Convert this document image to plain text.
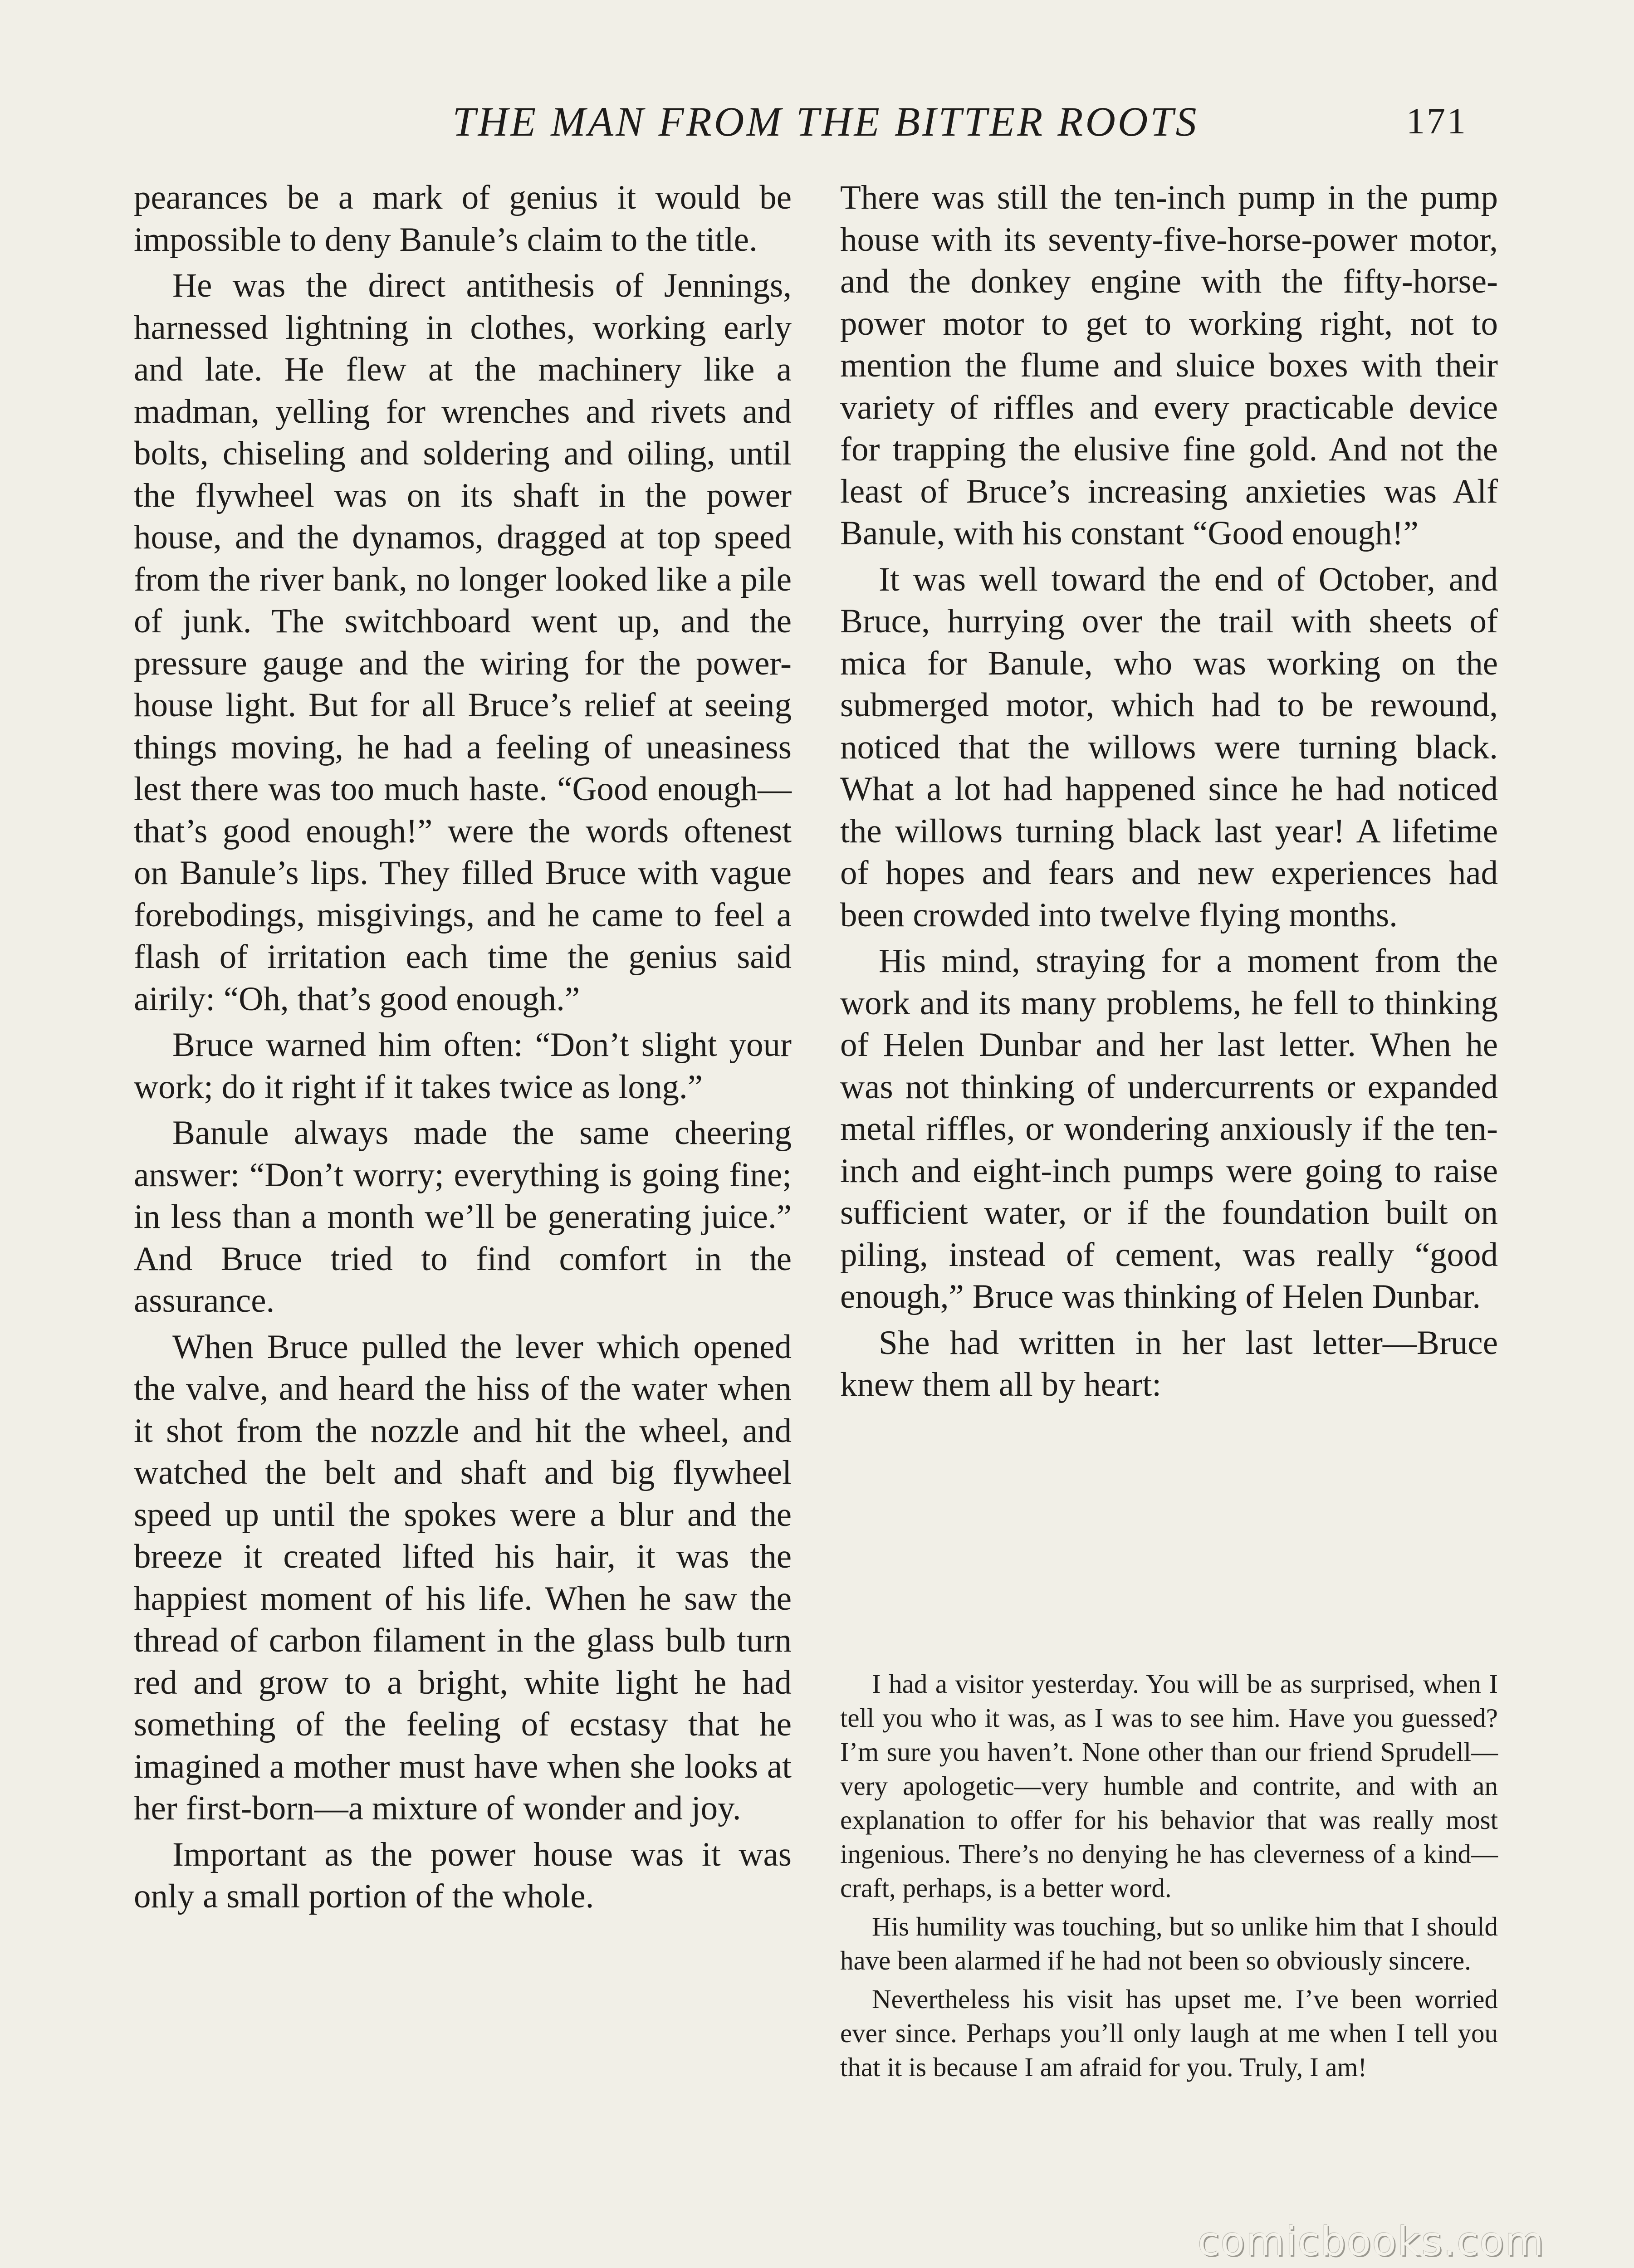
THE MAN FROM THE BITTER ROOTS	171

pearances be a mark of genius it would be impossible to deny Banule’s claim to the title.

He was the direct antithesis of Jennings, harnessed lightning in clothes, working early and late. He flew at the machinery like a madman, yelling for wrenches and rivets and bolts, chiseling and soldering and oiling, until the flywheel was on its shaft in the power house, and the dynamos, dragged at top speed from the river bank, no longer looked like a pile of junk. The switchboard went up, and the pressure gauge and the wiring for the power-house light. But for all Bruce’s relief at seeing things moving, he had a feeling of uneasiness lest there was too much haste. “Good enough—that’s good enough!” were the words oftenest on Banule’s lips. They filled Bruce with vague forebodings, misgivings, and he came to feel a flash of irritation each time the genius said airily: “Oh, that’s good enough.”

Bruce warned him often: “Don’t slight your work; do it right if it takes twice as long.”

Banule always made the same cheering answer: “Don’t worry; everything is going fine; in less than a month we’ll be generating juice.” And Bruce tried to find comfort in the assurance.

When Bruce pulled the lever which opened the valve, and heard the hiss of the water when it shot from the nozzle and hit the wheel, and watched the belt and shaft and big flywheel speed up until the spokes were a blur and the breeze it created lifted his hair, it was the happiest moment of his life. When he saw the thread of carbon filament in the glass bulb turn red and grow to a bright, white light he had something of the feeling of ecstasy that he imagined a mother must have when she looks at her first-born—a mixture of wonder and joy.

Important as the power house was it was only a small portion of the whole.

There was still the ten-inch pump in the pump house with its seventy-five-horse-power motor, and the donkey engine with the fifty-horse-power motor to get to working right, not to mention the flume and sluice boxes with their variety of riffles and every practicable device for trapping the elusive fine gold. And not the least of Bruce’s increasing anxieties was Alf Banule, with his constant “Good enough!”

It was well toward the end of October, and Bruce, hurrying over the trail with sheets of mica for Banule, who was working on the submerged motor, which had to be rewound, noticed that the willows were turning black. What a lot had happened since he had noticed the willows turning black last year! A lifetime of hopes and fears and new experiences had been crowded into twelve flying months.

His mind, straying for a moment from the work and its many problems, he fell to thinking of Helen Dunbar and her last letter. When he was not thinking of undercurrents or expanded metal riffles, or wondering anxiously if the ten-inch and eight-inch pumps were going to raise sufficient water, or if the foundation built on piling, instead of cement, was really “good enough,” Bruce was thinking of Helen Dunbar.

She had written in her last letter—Bruce knew them all by heart:

I had a visitor yesterday. You will be as surprised, when I tell you who it was, as I was to see him. Have you guessed? I’m sure you haven’t. None other than our friend Sprudell—very apologetic—very humble and contrite, and with an explanation to offer for his behavior that was really most ingenious. There’s no denying he has cleverness of a kind—craft, perhaps, is a better word.

His humility was touching, but so unlike him that I should have been alarmed if he had not been so obviously sincere.

Nevertheless his visit has upset me. I’ve been worried ever since. Perhaps you’ll only laugh at me when I tell you that it is because I am afraid for you. Truly, I am!

comicbooks.com
